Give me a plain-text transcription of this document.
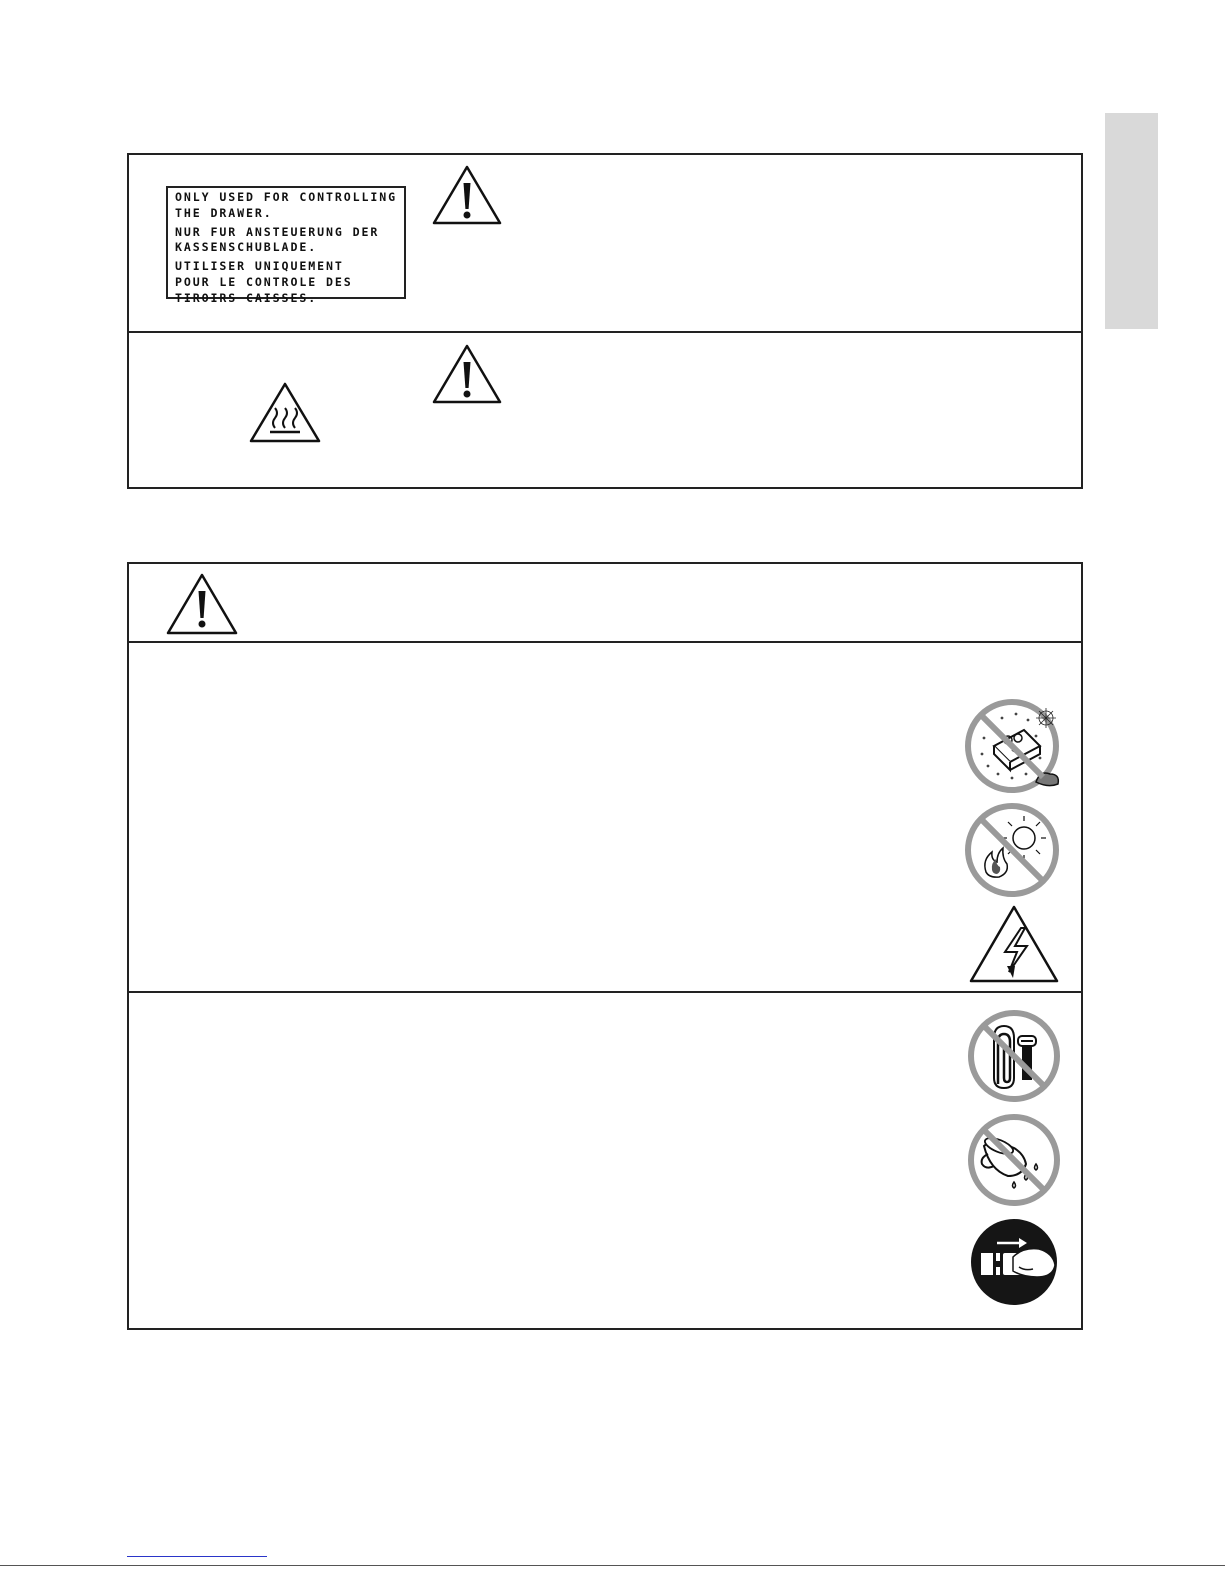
ONLY USED FOR CONTROLLING
THE DRAWER.
NUR FUR ANSTEUERUNG DER
KASSENSCHUBLADE.
UTILISER UNIQUEMENT
POUR LE CONTROLE DES
TIROIRS CAISSES.
